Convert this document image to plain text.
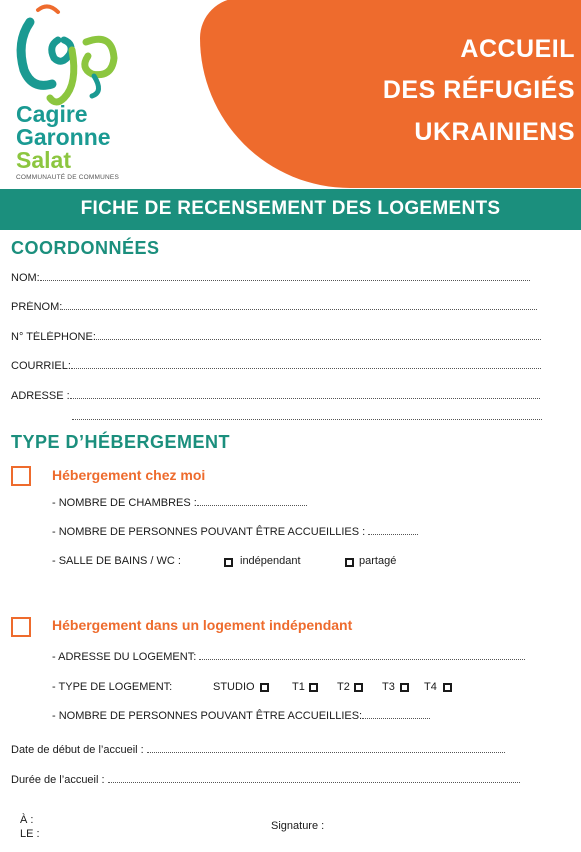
ACCUEIL
DES RÉFUGIÉS
UKRAINIENS
Cagire
Garonne
Salat
COMMUNAUTÉ DE COMMUNES
FICHE DE RECENSEMENT DES LOGEMENTS
COORDONNÉES
NOM:
PRÉNOM:
N° TÉLÉPHONE:
COURRIEL:
ADRESSE :
TYPE D’HÉBERGEMENT
Hébergement chez moi
- NOMBRE DE CHAMBRES :
- NOMBRE DE PERSONNES POUVANT ÊTRE ACCUEILLIES :
- SALLE DE BAINS / WC :	indépendant	partagé
Hébergement dans un logement indépendant
- ADRESSE DU LOGEMENT:
- TYPE DE LOGEMENT:	STUDIO	T1	T2	T3	T4
- NOMBRE DE PERSONNES POUVANT ÊTRE ACCUEILLIES:
Date de début de l’accueil :
Durée de l’accueil :
À :
LE :
Signature :
